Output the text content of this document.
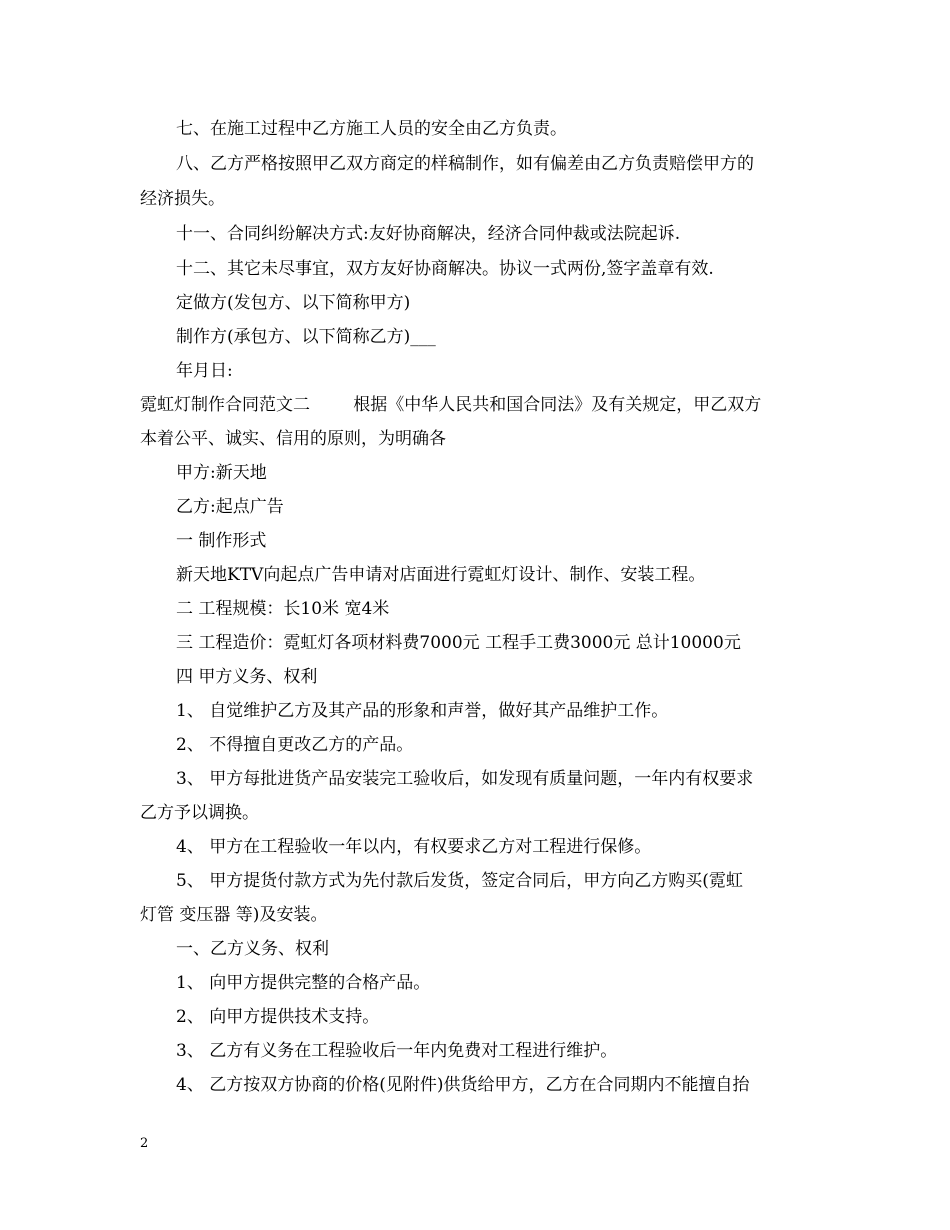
七、在施工过程中乙方施工人员的安全由乙方负责。
八、乙方严格按照甲乙双方商定的样稿制作，如有偏差由乙方负责赔偿甲方的
经济损失。
十一、合同纠纷解决方式:友好协商解决，经济合同仲裁或法院起诉.
十二、其它未尽事宜，双方友好协商解决。协议一式两份,签字盖章有效.
定做方(发包方、以下简称甲方)
制作方(承包方、以下简称乙方)___
年月日:
霓虹灯制作合同范文二        根据《中华人民共和国合同法》及有关规定，甲乙双方
本着公平、诚实、信用的原则，为明确各
甲方:新天地
乙方:起点广告
一 制作形式
新天地KTV向起点广告申请对店面进行霓虹灯设计、制作、安装工程。
二 工程规模：长10米 宽4米
三 工程造价：霓虹灯各项材料费7000元 工程手工费3000元 总计10000元
四 甲方义务、权利
1、 自觉维护乙方及其产品的形象和声誉，做好其产品维护工作。
2、 不得擅自更改乙方的产品。
3、 甲方每批进货产品安装完工验收后，如发现有质量问题，一年内有权要求
乙方予以调换。
4、 甲方在工程验收一年以内，有权要求乙方对工程进行保修。
5、 甲方提货付款方式为先付款后发货，签定合同后，甲方向乙方购买(霓虹
灯管 变压器 等)及安装。
一、乙方义务、权利
1、 向甲方提供完整的合格产品。
2、 向甲方提供技术支持。
3、 乙方有义务在工程验收后一年内免费对工程进行维护。
4、 乙方按双方协商的价格(见附件)供货给甲方，乙方在合同期内不能擅自抬
2
